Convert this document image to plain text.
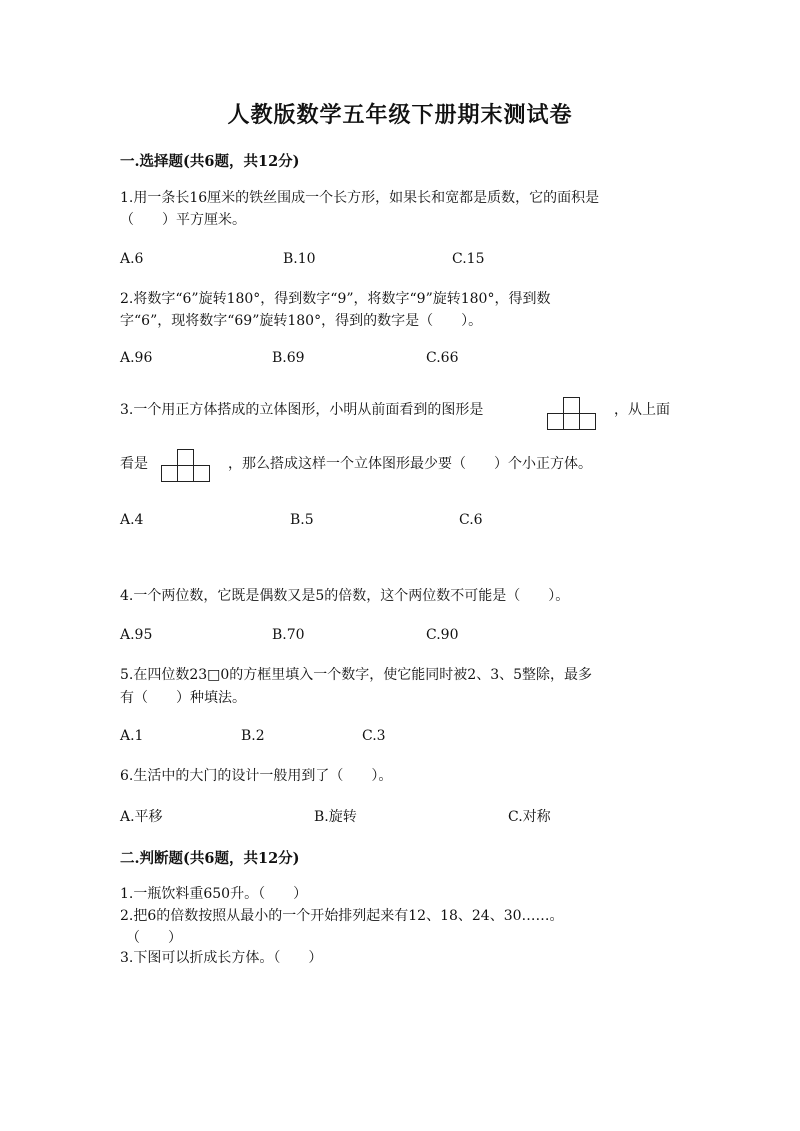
人教版数学五年级下册期末测试卷
一.选择题(共6题，共12分)
1.用一条长16厘米的铁丝围成一个长方形，如果长和宽都是质数，它的面积是
（　　）平方厘米。
A.6	B.10	C.15
2.将数字“6”旋转180°，得到数字“9”，将数字“9”旋转180°，得到数
字“6”，现将数字“69”旋转180°，得到的数字是（　　）。
A.96	B.69	C.66
3.一个用正方体搭成的立体图形，小明从前面看到的图形是	，从上面
看是	，那么搭成这样一个立体图形最少要（　　）个小正方体。
A.4	B.5	C.6
4.一个两位数，它既是偶数又是5的倍数，这个两位数不可能是（　　）。
A.95	B.70	C.90
5.在四位数23□0的方框里填入一个数字，使它能同时被2、3、5整除，最多
有（　　）种填法。
A.1	B.2	C.3
6.生活中的大门的设计一般用到了（　　）。
A.平移	B.旋转	C.对称
二.判断题(共6题，共12分)
1.一瓶饮料重650升。（　　）
2.把6的倍数按照从最小的一个开始排列起来有12、18、24、30……。
（　　）
3.下图可以折成长方体。（　　）
